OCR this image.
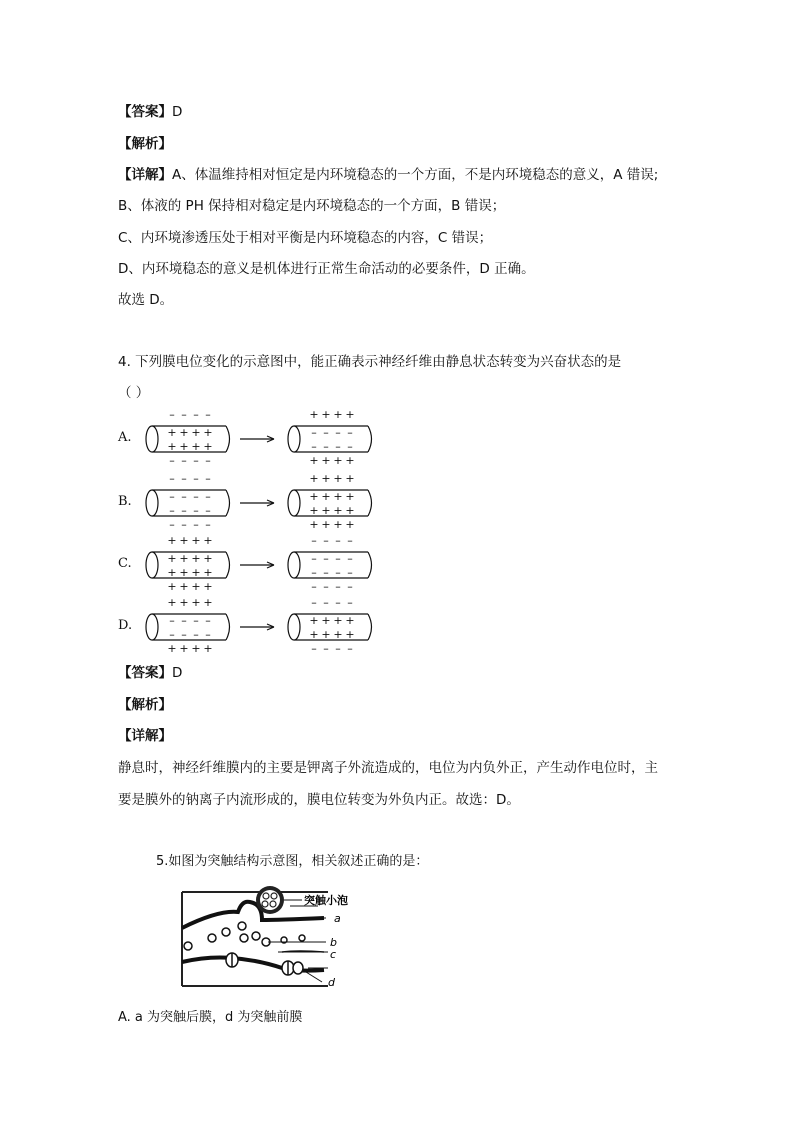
【答案】D
【解析】
【详解】A、体温维持相对恒定是内环境稳态的一个方面，不是内环境稳态的意义，A 错误;
B、体液的 PH 保持相对稳定是内环境稳态的一个方面，B 错误；
C、内环境渗透压处于相对平衡是内环境稳态的内容，C 错误；
D、内环境稳态的意义是机体进行正常生命活动的必要条件，D 正确。
故选 D。
4. 下列膜电位变化的示意图中，能正确表示神经纤维由静息状态转变为兴奋状态的是
（ ）
A.
– – – –
– – – –
+ + + +
+ + + +
+ + + +
+ + + +
– – – –
– – – –
B.
– – – –
– – – –
– – – –
– – – –
+ + + +
+ + + +
+ + + +
+ + + +
C.
+ + + +
+ + + +
+ + + +
+ + + +
– – – –
– – – –
– – – –
– – – –
D.
+ + + +
+ + + +
– – – –
– – – –
– – – –
– – – –
+ + + +
+ + + +
【答案】D
【解析】
【详解】
静息时，神经纤维膜内的主要是钾离子外流造成的，电位为内负外正，产生动作电位时，主
要是膜外的钠离子内流形成的，膜电位转变为外负内正。故选：D。
5.如图为突触结构示意图，相关叙述正确的是：
a
b
c
d
突触小泡
A. a 为突触后膜，d 为突触前膜
